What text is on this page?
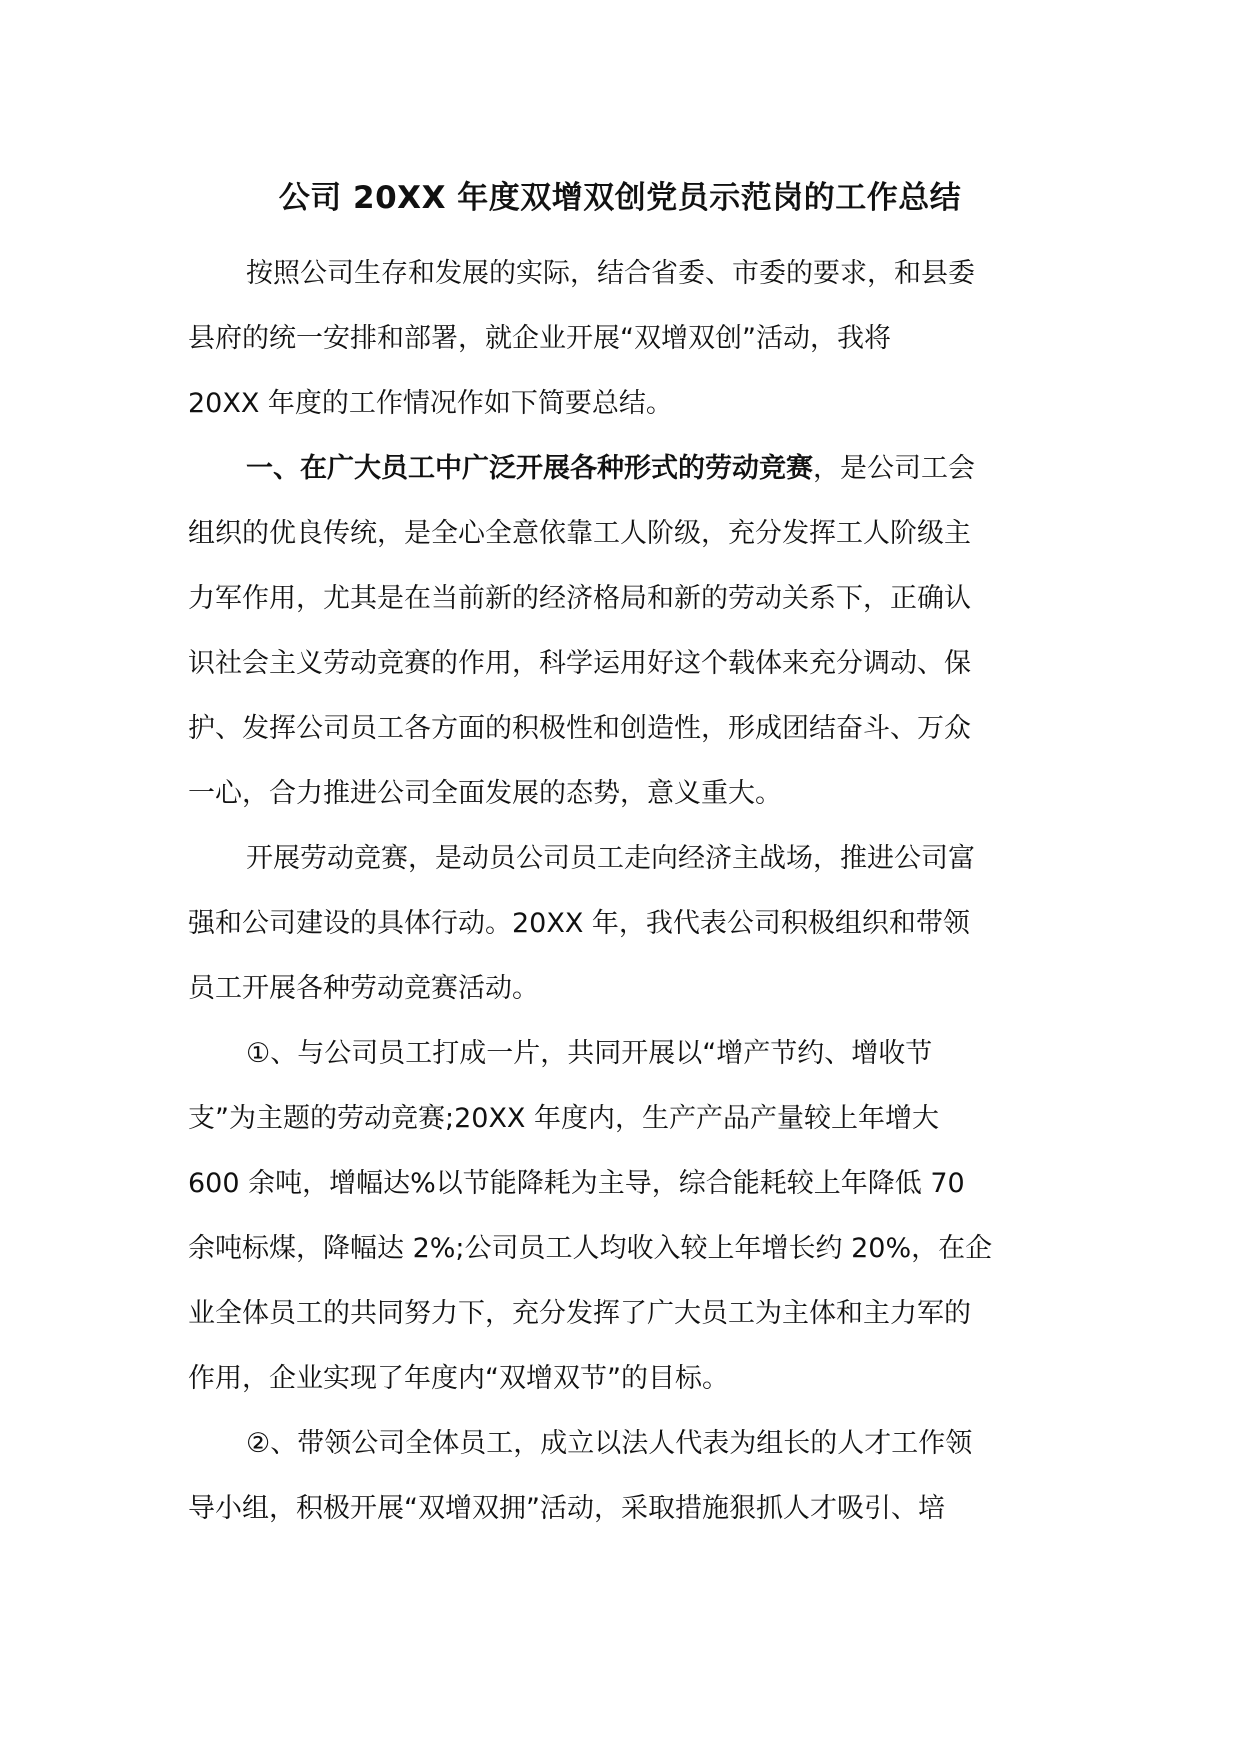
公司 20XX 年度双增双创党员示范岗的工作总结
按照公司生存和发展的实际，结合省委、市委的要求，和县委
县府的统一安排和部署，就企业开展“双增双创”活动，我将
20XX 年度的工作情况作如下简要总结。
一、在广大员工中广泛开展各种形式的劳动竞赛，是公司工会
组织的优良传统，是全心全意依靠工人阶级，充分发挥工人阶级主
力军作用，尤其是在当前新的经济格局和新的劳动关系下，正确认
识社会主义劳动竞赛的作用，科学运用好这个载体来充分调动、保
护、发挥公司员工各方面的积极性和创造性，形成团结奋斗、万众
一心，合力推进公司全面发展的态势，意义重大。
开展劳动竞赛，是动员公司员工走向经济主战场，推进公司富
强和公司建设的具体行动。20XX 年，我代表公司积极组织和带领
员工开展各种劳动竞赛活动。
①、与公司员工打成一片，共同开展以“增产节约、增收节
支”为主题的劳动竞赛;20XX 年度内，生产产品产量较上年增大
600 余吨，增幅达%以节能降耗为主导，综合能耗较上年降低 70
余吨标煤，降幅达 2%;公司员工人均收入较上年增长约 20%，在企
业全体员工的共同努力下，充分发挥了广大员工为主体和主力军的
作用，企业实现了年度内“双增双节”的目标。
②、带领公司全体员工，成立以法人代表为组长的人才工作领
导小组，积极开展“双增双拥”活动，采取措施狠抓人才吸引、培
